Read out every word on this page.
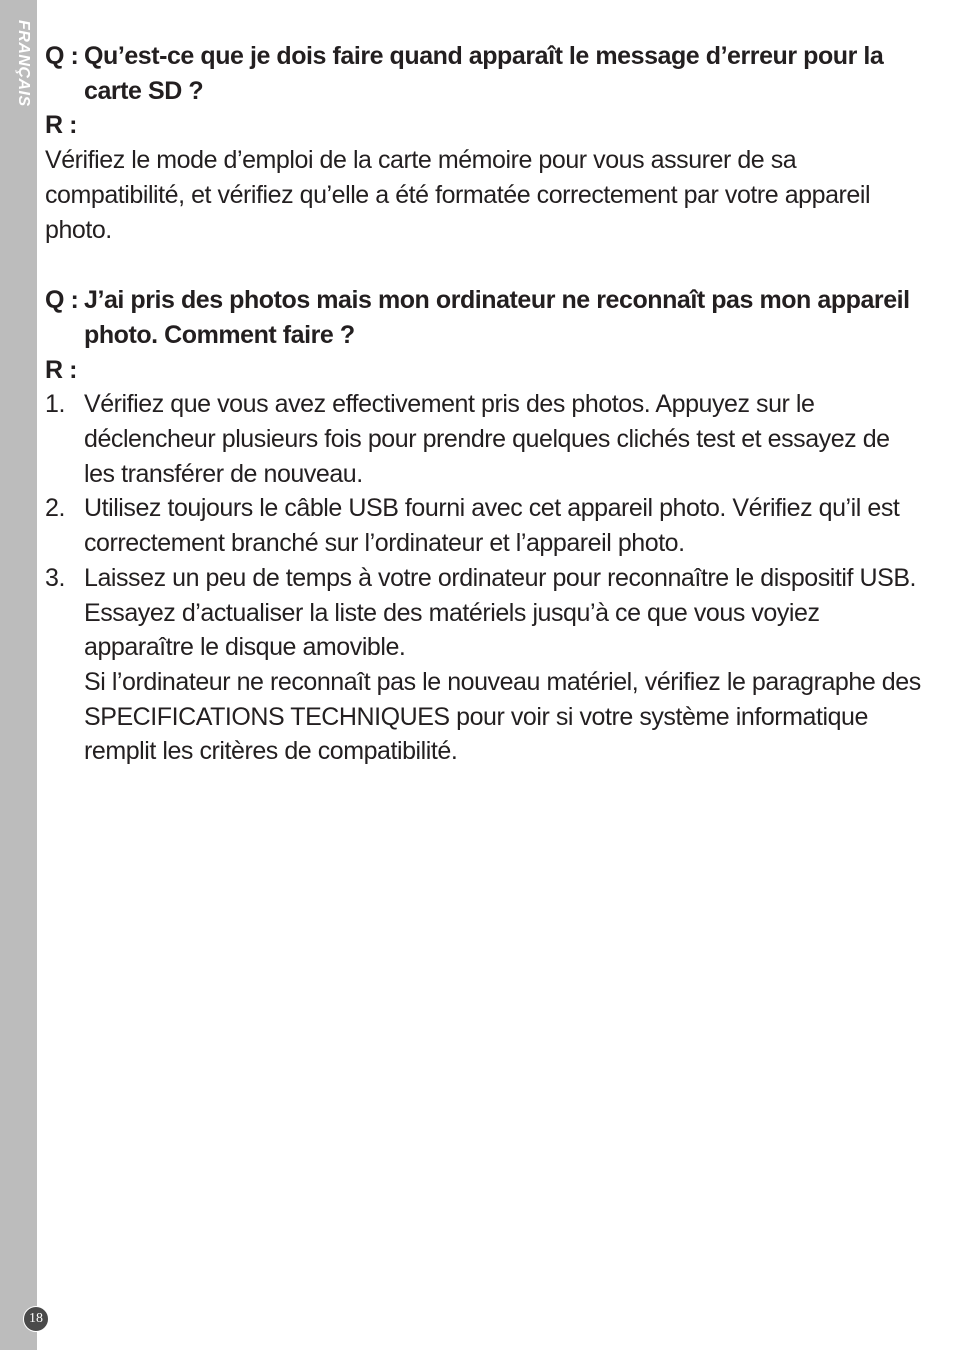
FRANÇAIS
18
Q : Qu’est-ce que je dois faire quand apparaît le message d’erreur pour la carte SD ?
R :
Vérifiez le mode d’emploi de la carte mémoire pour vous assurer de sa compatibilité, et vérifiez qu’elle a été formatée correctement par votre appareil photo.
Q : J’ai pris des photos mais mon ordinateur ne reconnaît pas mon appareil photo. Comment faire ?
R :
1. Vérifiez que vous avez effectivement pris des photos. Appuyez sur le déclencheur plusieurs fois pour prendre quelques clichés test et essayez de les transférer de nouveau.
2. Utilisez toujours le câble USB fourni avec cet appareil photo. Vérifiez qu’il est correctement branché sur l’ordinateur et l’appareil photo.
3. Laissez un peu de temps à votre ordinateur pour reconnaître le dispositif USB. Essayez d’actualiser la liste des matériels jusqu’à ce que vous voyiez apparaître le disque amovible.
Si l’ordinateur ne reconnaît pas le nouveau matériel, vérifiez le paragraphe des SPECIFICATIONS TECHNIQUES pour voir si votre système informatique remplit les critères de compatibilité.
